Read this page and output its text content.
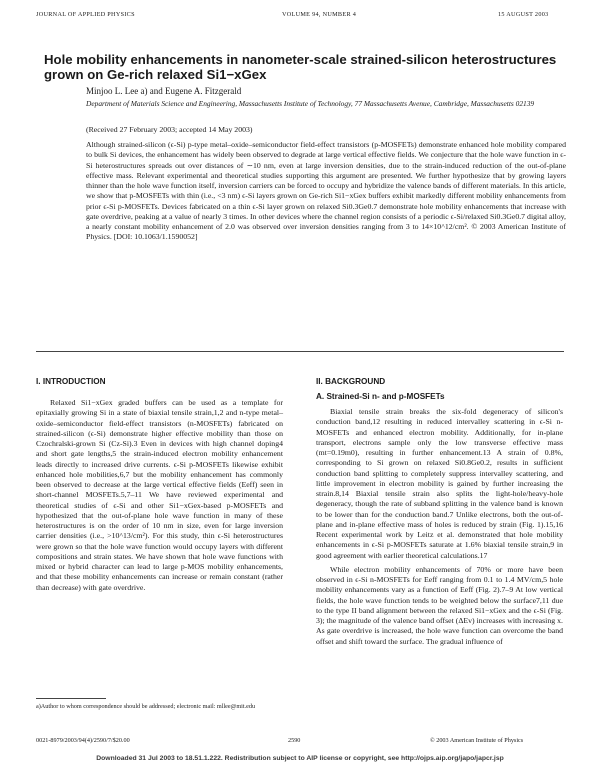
JOURNAL OF APPLIED PHYSICS	VOLUME 94, NUMBER 4	15 AUGUST 2003
Hole mobility enhancements in nanometer-scale strained-silicon heterostructures grown on Ge-rich relaxed Si1−xGex
Minjoo L. Lee a) and Eugene A. Fitzgerald
Department of Materials Science and Engineering, Massachusetts Institute of Technology, 77 Massachusetts Avenue, Cambridge, Massachusetts 02139
(Received 27 February 2003; accepted 14 May 2003)
Although strained-silicon (ϵ-Si) p-type metal–oxide–semiconductor field-effect transistors (p-MOSFETs) demonstrate enhanced hole mobility compared to bulk Si devices, the enhancement has widely been observed to degrade at large vertical effective fields. We conjecture that the hole wave function in ϵ-Si heterostructures spreads out over distances of ∼10 nm, even at large inversion densities, due to the strain-induced reduction of the out-of-plane effective mass. Relevant experimental and theoretical studies supporting this argument are presented. We further hypothesize that by growing layers thinner than the hole wave function itself, inversion carriers can be forced to occupy and hybridize the valence bands of different materials. In this article, we show that p-MOSFETs with thin (i.e., <3 nm) ϵ-Si layers grown on Ge-rich Si1−xGex buffers exhibit markedly different mobility enhancements from prior ϵ-Si p-MOSFETs. Devices fabricated on a thin ϵ-Si layer grown on relaxed Si0.3Ge0.7 demonstrate hole mobility enhancements that increase with gate overdrive, peaking at a value of nearly 3 times. In other devices where the channel region consists of a periodic ϵ-Si/relaxed Si0.3Ge0.7 digital alloy, a nearly constant mobility enhancement of 2.0 was observed over inversion densities ranging from 3 to 14×10^12/cm². © 2003 American Institute of Physics. [DOI: 10.1063/1.1590052]
I. INTRODUCTION

Relaxed Si1−xGex graded buffers can be used as a template for epitaxially growing Si in a state of biaxial tensile strain,1,2 and n-type metal–oxide–semiconductor field-effect transistors (n-MOSFETs) fabricated on strained-silicon (ϵ-Si) demonstrate higher effective mobility than those on Czochralski-grown Si (Cz-Si).3 Even in devices with high channel doping4 and short gate lengths,5 the strain-induced electron mobility enhancement leads directly to increased drive currents. ϵ-Si p-MOSFETs likewise exhibit enhanced hole mobilities,6,7 but the mobility enhancement has commonly been observed to decrease at the large vertical effective fields (Eeff) seen in short-channel MOSFETs.5,7–11 We have reviewed experimental and theoretical studies of ϵ-Si and other Si1−xGex-based p-MOSFETs and hypothesized that the out-of-plane hole wave function in many of these heterostructures is on the order of 10 nm in size, even for large inversion carrier densities (i.e., >10^13/cm²). For this study, thin ϵ-Si heterostructures were grown so that the hole wave function would occupy layers with different compositions and strain states. We have shown that hole wave functions with mixed or hybrid character can lead to large p-MOS mobility enhancements, and that these mobility enhancements can increase or remain constant (rather than decrease) with gate overdrive.

II. BACKGROUND
A. Strained-Si n- and p-MOSFETs

Biaxial tensile strain breaks the six-fold degeneracy of silicon's conduction band,12 resulting in reduced intervalley scattering in ϵ-Si n-MOSFETs and enhanced electron mobility. Additionally, for in-plane transport, electrons sample only the low transverse effective mass (mt=0.19m0), resulting in further enhancement.13 A strain of 0.8%, corresponding to Si grown on relaxed Si0.8Ge0.2, results in sufficient conduction band splitting to completely suppress intervalley scattering, and little improvement in electron mobility is gained by further increasing the strain.8,14 Biaxial tensile strain also splits the light-hole/heavy-hole degeneracy, though the rate of subband splitting in the valence band is known to be lower than for the conduction band.7 Unlike electrons, both the out-of-plane and in-plane effective mass of holes is reduced by strain (Fig. 1).15,16 Recent experimental work by Leitz et al. demonstrated that hole mobility enhancements in ϵ-Si p-MOSFETs saturate at 1.6% biaxial tensile strain,9 in good agreement with earlier theoretical calculations.17

While electron mobility enhancements of 70% or more have been observed in ϵ-Si n-MOSFETs for Eeff ranging from 0.1 to 1.4 MV/cm,5 hole mobility enhancements vary as a function of Eeff (Fig. 2).7–9 At low vertical fields, the hole wave function tends to be weighted below the surface7,11 due to the type II band alignment between the relaxed Si1−xGex and the ϵ-Si (Fig. 3); the magnitude of the valence band offset (ΔEv) increases with increasing x. As gate overdrive is increased, the hole wave function can overcome the band offset and shift toward the surface. The gradual influence of

a)Author to whom correspondence should be addressed; electronic mail: mllee@mit.edu
0021-8979/2003/94(4)/2590/7/$20.00	2590	© 2003 American Institute of Physics
Downloaded 31 Jul 2003 to 18.51.1.222. Redistribution subject to AIP license or copyright, see http://ojps.aip.org/japo/japcr.jsp
